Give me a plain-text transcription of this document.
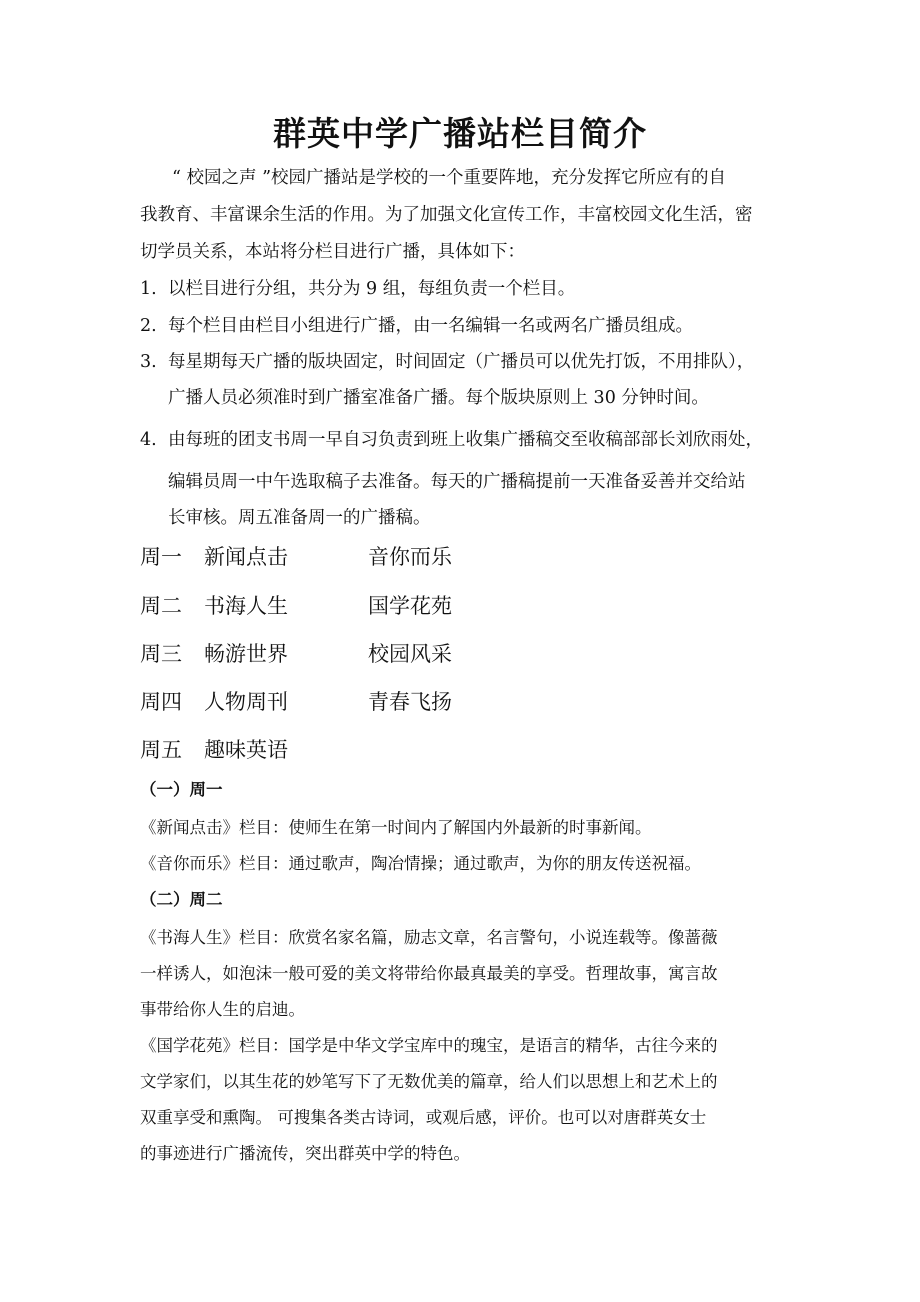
群英中学广播站栏目简介
“ 校园之声 ”校园广播站是学校的一个重要阵地，充分发挥它所应有的自
我教育、丰富课余生活的作用。为了加强文化宣传工作，丰富校园文化生活，密
切学员关系，本站将分栏目进行广播，具体如下：
1. 以栏目进行分组，共分为 9 组，每组负责一个栏目。
2. 每个栏目由栏目小组进行广播，由一名编辑一名或两名广播员组成。
3. 每星期每天广播的版块固定，时间固定（广播员可以优先打饭，不用排队），
广播人员必须准时到广播室准备广播。每个版块原则上 30 分钟时间。
4. 由每班的团支书周一早自习负责到班上收集广播稿交至收稿部部长刘欣雨处，
编辑员周一中午选取稿子去准备。每天的广播稿提前一天准备妥善并交给站
长审核。周五准备周一的广播稿。
周一 新闻点击	音你而乐
周二 书海人生	国学花苑
周三 畅游世界	校园风采
周四 人物周刊	青春飞扬
周五 趣味英语
（一）周一
《新闻点击》栏目：使师生在第一时间内了解国内外最新的时事新闻。
《音你而乐》栏目：通过歌声，陶冶情操；通过歌声，为你的朋友传送祝福。
（二）周二
《书海人生》栏目：欣赏名家名篇，励志文章，名言警句，小说连载等。像蔷薇
一样诱人，如泡沫一般可爱的美文将带给你最真最美的享受。哲理故事，寓言故
事带给你人生的启迪。
《国学花苑》栏目：国学是中华文学宝库中的瑰宝，是语言的精华，古往今来的
文学家们，以其生花的妙笔写下了无数优美的篇章，给人们以思想上和艺术上的
双重享受和熏陶。 可搜集各类古诗词，或观后感，评价。也可以对唐群英女士
的事迹进行广播流传，突出群英中学的特色。
